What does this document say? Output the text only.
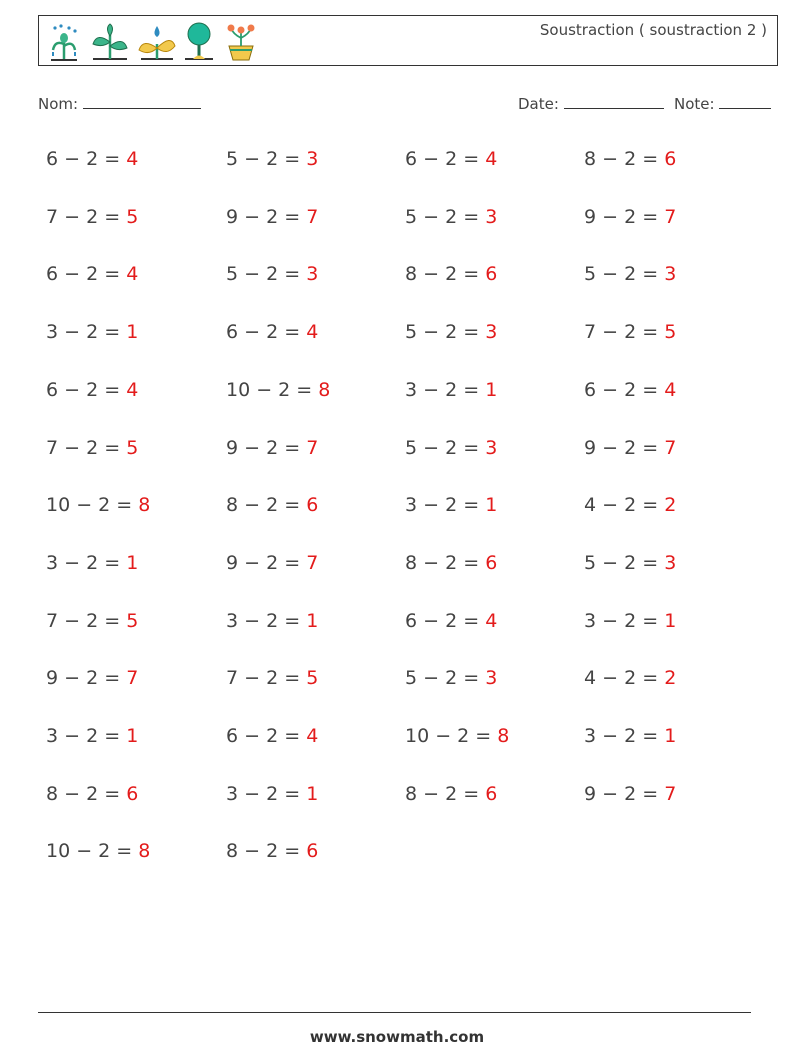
Soustraction ( soustraction 2 )
Nom:	Date:	Note:
6 − 2 = 4	5 − 2 = 3	6 − 2 = 4	8 − 2 = 6
7 − 2 = 5	9 − 2 = 7	5 − 2 = 3	9 − 2 = 7
6 − 2 = 4	5 − 2 = 3	8 − 2 = 6	5 − 2 = 3
3 − 2 = 1	6 − 2 = 4	5 − 2 = 3	7 − 2 = 5
6 − 2 = 4	10 − 2 = 8	3 − 2 = 1	6 − 2 = 4
7 − 2 = 5	9 − 2 = 7	5 − 2 = 3	9 − 2 = 7
10 − 2 = 8	8 − 2 = 6	3 − 2 = 1	4 − 2 = 2
3 − 2 = 1	9 − 2 = 7	8 − 2 = 6	5 − 2 = 3
7 − 2 = 5	3 − 2 = 1	6 − 2 = 4	3 − 2 = 1
9 − 2 = 7	7 − 2 = 5	5 − 2 = 3	4 − 2 = 2
3 − 2 = 1	6 − 2 = 4	10 − 2 = 8	3 − 2 = 1
8 − 2 = 6	3 − 2 = 1	8 − 2 = 6	9 − 2 = 7
10 − 2 = 8	8 − 2 = 6
www.snowmath.com
